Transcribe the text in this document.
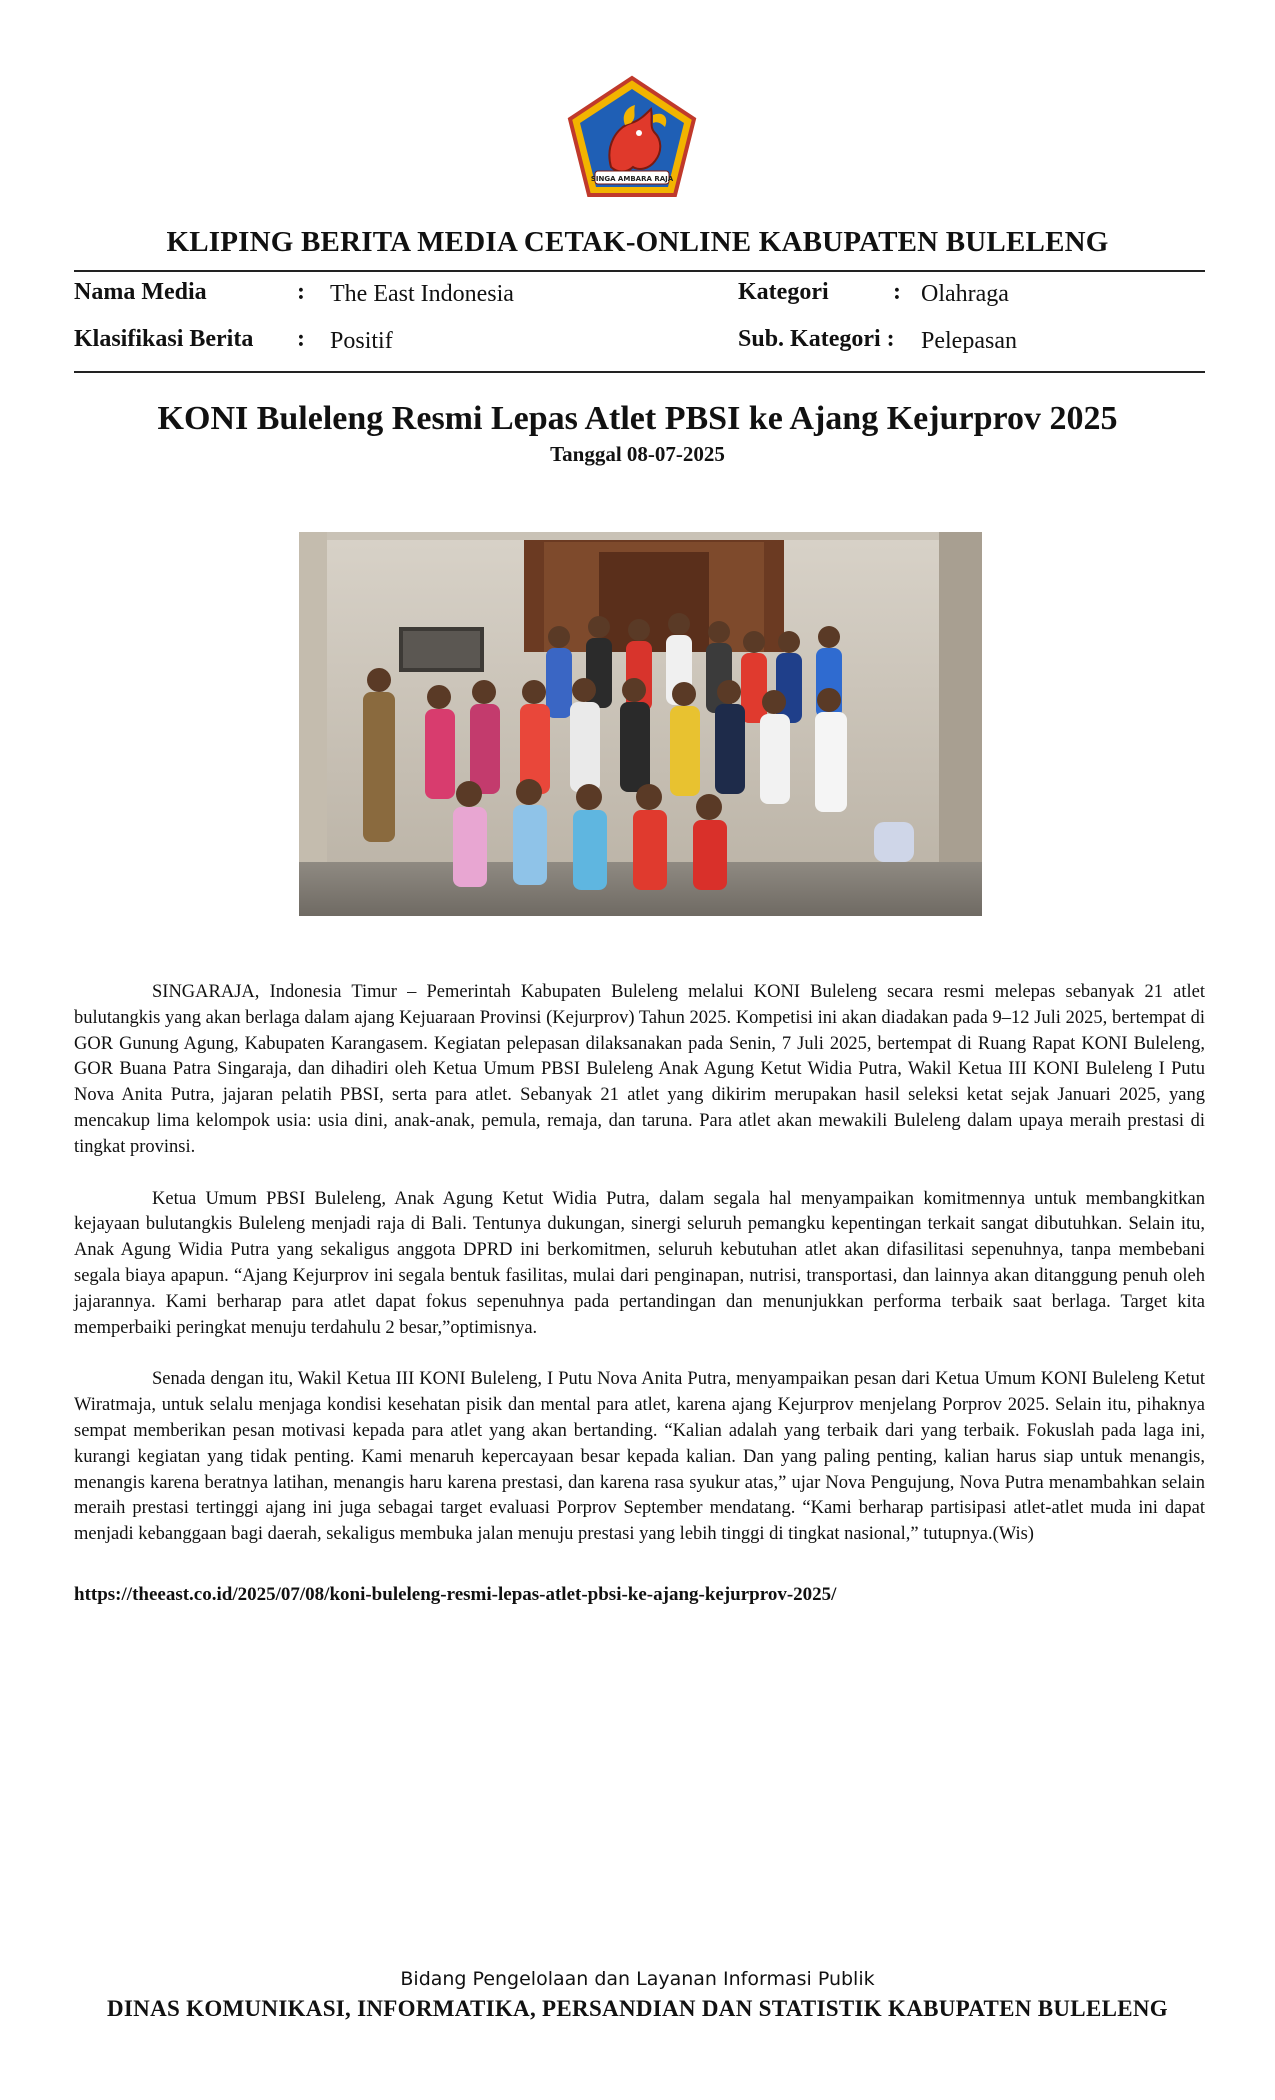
SINGA AMBARA RAJA
KLIPING BERITA MEDIA CETAK-ONLINE KABUPATEN BULELENG
Nama Media	: The East Indonesia	Kategori	: Olahraga
Klasifikasi Berita : Positif	Sub. Kategori : Pelepasan
KONI Buleleng Resmi Lepas Atlet PBSI ke Ajang Kejurprov 2025
Tanggal 08-07-2025

SINGARAJA, Indonesia Timur – Pemerintah Kabupaten Buleleng melalui KONI Buleleng secara resmi melepas sebanyak 21 atlet bulutangkis yang akan berlaga dalam ajang Kejuaraan Provinsi (Kejurprov) Tahun 2025. Kompetisi ini akan diadakan pada 9–12 Juli 2025, bertempat di GOR Gunung Agung, Kabupaten Karangasem. Kegiatan pelepasan dilaksanakan pada Senin, 7 Juli 2025, bertempat di Ruang Rapat KONI Buleleng, GOR Buana Patra Singaraja, dan dihadiri oleh Ketua Umum PBSI Buleleng Anak Agung Ketut Widia Putra, Wakil Ketua III KONI Buleleng I Putu Nova Anita Putra, jajaran pelatih PBSI, serta para atlet. Sebanyak 21 atlet yang dikirim merupakan hasil seleksi ketat sejak Januari 2025, yang mencakup lima kelompok usia: usia dini, anak-anak, pemula, remaja, dan taruna. Para atlet akan mewakili Buleleng dalam upaya meraih prestasi di tingkat provinsi.

Ketua Umum PBSI Buleleng, Anak Agung Ketut Widia Putra, dalam segala hal menyampaikan komitmennya untuk membangkitkan kejayaan bulutangkis Buleleng menjadi raja di Bali. Tentunya dukungan, sinergi seluruh pemangku kepentingan terkait sangat dibutuhkan. Selain itu, Anak Agung Widia Putra yang sekaligus anggota DPRD ini berkomitmen, seluruh kebutuhan atlet akan difasilitasi sepenuhnya, tanpa membebani segala biaya apapun. “Ajang Kejurprov ini segala bentuk fasilitas, mulai dari penginapan, nutrisi, transportasi, dan lainnya akan ditanggung penuh oleh jajarannya. Kami berharap para atlet dapat fokus sepenuhnya pada pertandingan dan menunjukkan performa terbaik saat berlaga. Target kita memperbaiki peringkat menuju terdahulu 2 besar,”optimisnya.

Senada dengan itu, Wakil Ketua III KONI Buleleng, I Putu Nova Anita Putra, menyampaikan pesan dari Ketua Umum KONI Buleleng Ketut Wiratmaja, untuk selalu menjaga kondisi kesehatan pisik dan mental para atlet, karena ajang Kejurprov menjelang Porprov 2025. Selain itu, pihaknya sempat memberikan pesan motivasi kepada para atlet yang akan bertanding. “Kalian adalah yang terbaik dari yang terbaik. Fokuslah pada laga ini, kurangi kegiatan yang tidak penting. Kami menaruh kepercayaan besar kepada kalian. Dan yang paling penting, kalian harus siap untuk menangis, menangis karena beratnya latihan, menangis haru karena prestasi, dan karena rasa syukur atas,” ujar Nova Pengujung, Nova Putra menambahkan selain meraih prestasi tertinggi ajang ini juga sebagai target evaluasi Porprov September mendatang. “Kami berharap partisipasi atlet-atlet muda ini dapat menjadi kebanggaan bagi daerah, sekaligus membuka jalan menuju prestasi yang lebih tinggi di tingkat nasional,” tutupnya.(Wis)

https://theeast.co.id/2025/07/08/koni-buleleng-resmi-lepas-atlet-pbsi-ke-ajang-kejurprov-2025/
Bidang Pengelolaan dan Layanan Informasi Publik
DINAS KOMUNIKASI, INFORMATIKA, PERSANDIAN DAN STATISTIK KABUPATEN BULELENG
